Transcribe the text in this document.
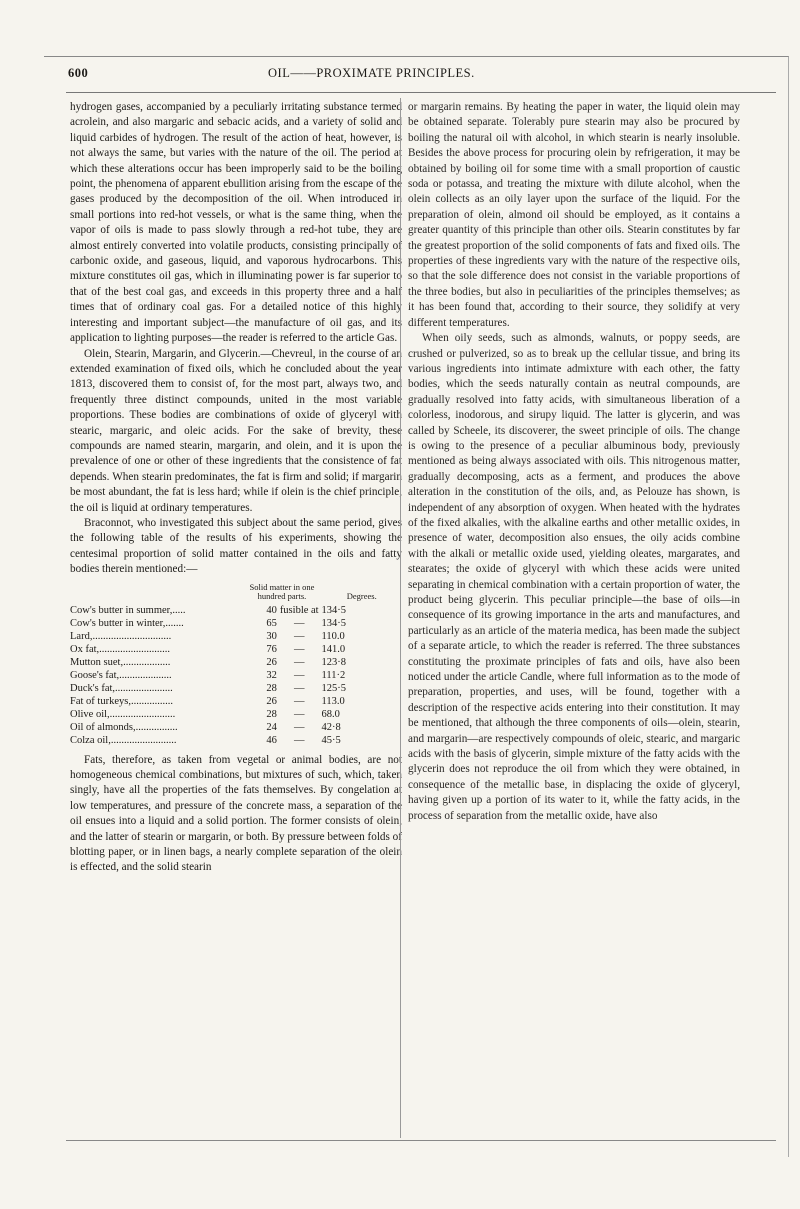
600	OIL——PROXIMATE PRINCIPLES.

hydrogen gases, accompanied by a peculiarly irritating substance termed acrolein, and also margaric and sebacic acids, and a variety of solid and liquid carbides of hydrogen. The result of the action of heat, however, is not always the same, but varies with the nature of the oil. The period at which these alterations occur has been improperly said to be the boiling point, the phenomena of apparent ebullition arising from the escape of the gases produced by the decomposition of the oil. When introduced in small portions into red-hot vessels, or what is the same thing, when the vapor of oils is made to pass slowly through a red-hot tube, they are almost entirely converted into volatile products, consisting principally of carbonic oxide, and gaseous, liquid, and vaporous hydrocarbons. This mixture constitutes oil gas, which in illuminating power is far superior to that of the best coal gas, and exceeds in this property three and a half times that of ordinary coal gas. For a detailed notice of this highly interesting and important subject—the manufacture of oil gas, and its application to lighting purposes—the reader is referred to the article Gas.

Olein, Stearin, Margarin, and Glycerin.—Chevreul, in the course of an extended examination of fixed oils, which he concluded about the year 1813, discovered them to consist of, for the most part, always two, and frequently three distinct compounds, united in the most variable proportions. These bodies are combinations of oxide of glyceryl with stearic, margaric, and oleic acids. For the sake of brevity, these compounds are named stearin, margarin, and olein, and it is upon the prevalence of one or other of these ingredients that the consistence of fat depends. When stearin predominates, the fat is firm and solid; if margarin be most abundant, the fat is less hard; while if olein is the chief principle, the oil is liquid at ordinary temperatures.

Braconnot, who investigated this subject about the same period, gives the following table of the results of his experiments, showing the centesimal proportion of solid matter contained in the oils and fatty bodies therein mentioned:—

	Solid matter in one hundred parts.		Degrees.
Cow's butter in summer,.....	40	fusible at	134·5
Cow's butter in winter,.......	65	—	134·5
Lard,..............................	30	—	110.0
Ox fat,...........................	76	—	141.0
Mutton suet,..................	26	—	123·8
Goose's fat,....................	32	—	111·2
Duck's fat,......................	28	—	125·5
Fat of turkeys,................	26	—	113.0
Olive oil,.........................	28	—	68.0
Oil of almonds,................	24	—	42·8
Colza oil,.........................	46	—	45·5

Fats, therefore, as taken from vegetal or animal bodies, are not homogeneous chemical combinations, but mixtures of such, which, taken singly, have all the properties of the fats themselves. By congelation at low temperatures, and pressure of the concrete mass, a separation of the oil ensues into a liquid and a solid portion. The former consists of olein, and the latter of stearin or margarin, or both. By pressure between folds of blotting paper, or in linen bags, a nearly complete separation of the olein is effected, and the solid stearin

or margarin remains. By heating the paper in water, the liquid olein may be obtained separate. Tolerably pure stearin may also be procured by boiling the natural oil with alcohol, in which stearin is nearly insoluble. Besides the above process for procuring olein by refrigeration, it may be obtained by boiling oil for some time with a small proportion of caustic soda or potassa, and treating the mixture with dilute alcohol, when the olein collects as an oily layer upon the surface of the liquid. For the preparation of olein, almond oil should be employed, as it contains a greater quantity of this principle than other oils. Stearin constitutes by far the greatest proportion of the solid components of fats and fixed oils. The properties of these ingredients vary with the nature of the respective oils, so that the sole difference does not consist in the variable proportions of the three bodies, but also in peculiarities of the principles themselves; as it has been found that, according to their source, they solidify at very different temperatures.

When oily seeds, such as almonds, walnuts, or poppy seeds, are crushed or pulverized, so as to break up the cellular tissue, and bring its various ingredients into intimate admixture with each other, the fatty bodies, which the seeds naturally contain as neutral compounds, are gradually resolved into fatty acids, with simultaneous liberation of a colorless, inodorous, and sirupy liquid. The latter is glycerin, and was called by Scheele, its discoverer, the sweet principle of oils. The change is owing to the presence of a peculiar albuminous body, previously mentioned as being always associated with oils. This nitrogenous matter, gradually decomposing, acts as a ferment, and produces the above alteration in the constitution of the oils, and, as Pelouze has shown, is independent of any absorption of oxygen. When heated with the hydrates of the fixed alkalies, with the alkaline earths and other metallic oxides, in presence of water, decomposition also ensues, the oily acids combine with the alkali or metallic oxide used, yielding oleates, margarates, and stearates; the oxide of glyceryl with which these acids were united separating in chemical combination with a certain proportion of water, the product being glycerin. This peculiar principle—the base of oils—in consequence of its growing importance in the arts and manufactures, and particularly as an article of the materia medica, has been made the subject of a separate article, to which the reader is referred. The three substances constituting the proximate principles of fats and oils, have also been noticed under the article Candle, where full information as to the mode of preparation, properties, and uses, will be found, together with a description of the respective acids entering into their constitution. It may be mentioned, that although the three components of oils—olein, stearin, and margarin—are respectively compounds of oleic, stearic, and margaric acids with the basis of glycerin, simple mixture of the fatty acids with the glycerin does not reproduce the oil from which they were obtained, in consequence of the metallic base, in displacing the oxide of glyceryl, having given up a portion of its water to it, while the fatty acids, in the process of separation from the metallic oxide, have also
